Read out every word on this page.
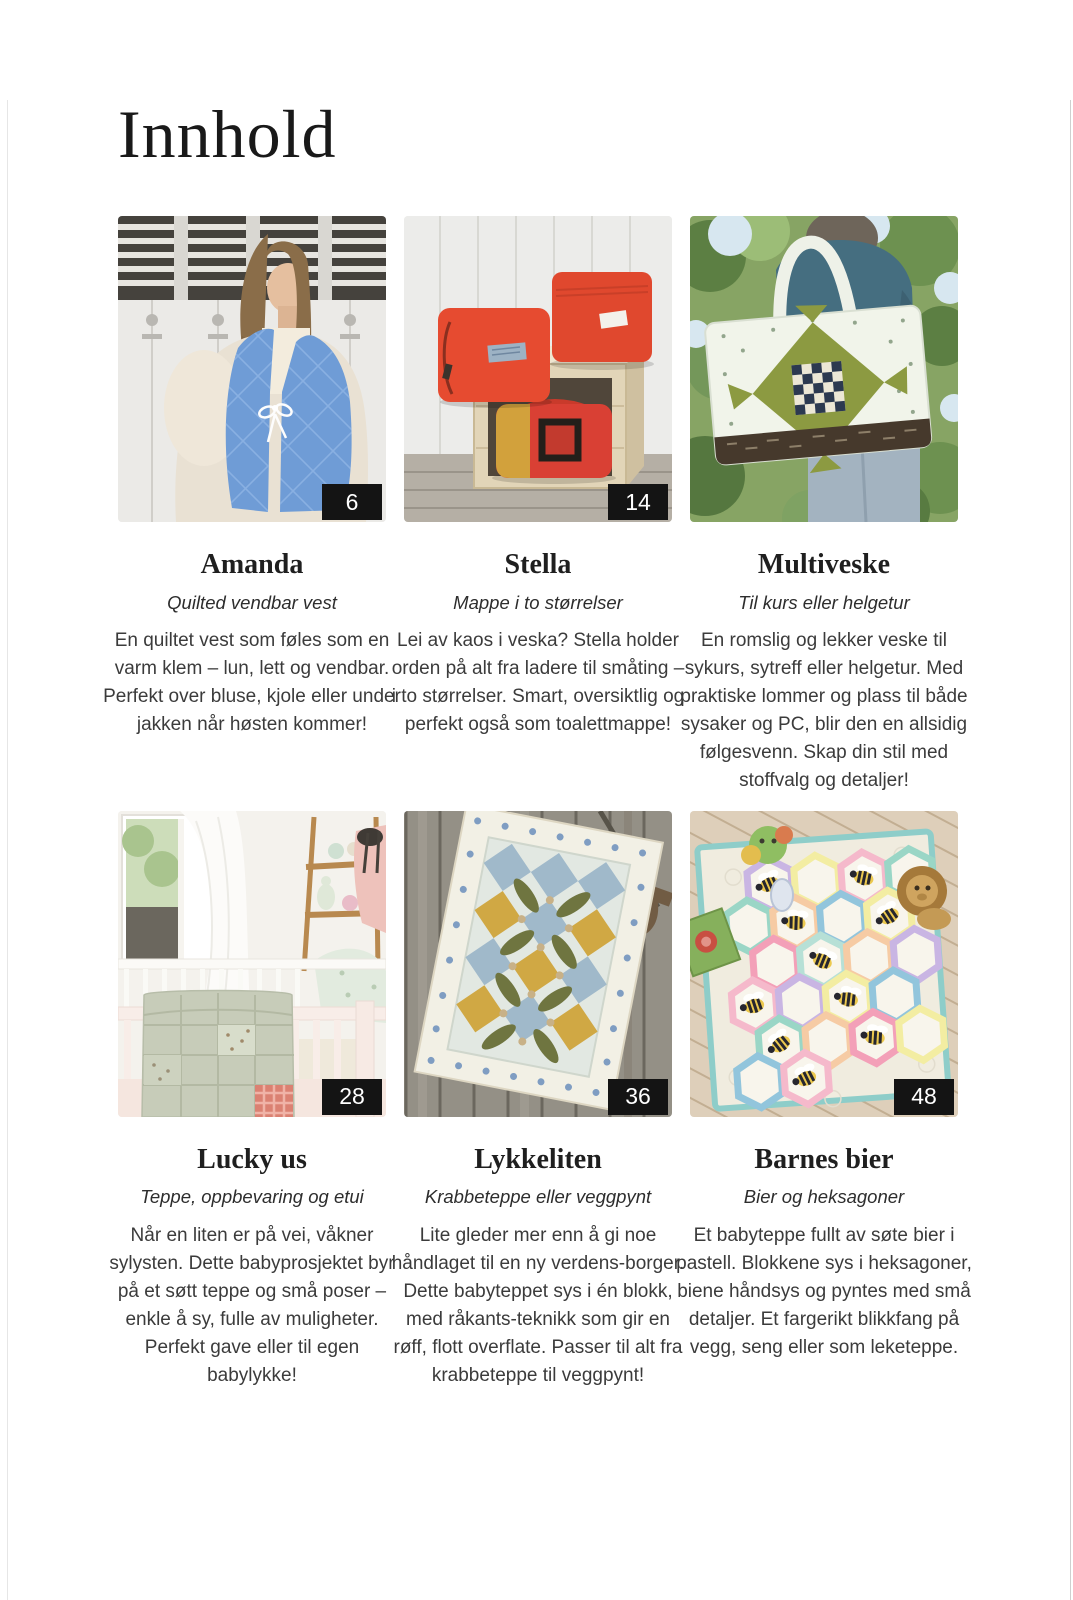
Innhold
6
Amanda
Quilted vendbar vest

En quiltet vest som føles som en varm klem – lun, lett og vendbar. Perfekt over bluse, kjole eller under jakken når høsten kommer!

14
Stella
Mappe i to størrelser

Lei av kaos i veska? Stella holder orden på alt fra ladere til småting – i to størrelser. Smart, oversiktlig og perfekt også som toalettmappe!

Multiveske
Til kurs eller helgetur

En romslig og lekker veske til sykurs, sytreff eller helgetur. Med praktiske lommer og plass til både sysaker og PC, blir den en allsidig følgesvenn. Skap din stil med stoffvalg og detaljer!

28
Lucky us
Teppe, oppbevaring og etui

Når en liten er på vei, våkner sylysten. Dette babyprosjektet byr på et søtt teppe og små poser – enkle å sy, fulle av muligheter. Perfekt gave eller til egen babylykke!

36
Lykkeliten
Krabbeteppe eller veggpynt

Lite gleder mer enn å gi noe håndlaget til en ny verdens-borger. Dette babyteppet sys i én blokk, med råkants-teknikk som gir en røff, flott overflate. Passer til alt fra krabbeteppe til veggpynt!

48
Barnes bier
Bier og heksagoner

Et babyteppe fullt av søte bier i pastell. Blokkene sys i heksagoner, biene håndsys og pyntes med små detaljer. Et fargerikt blikkfang på vegg, seng eller som leketeppe.
